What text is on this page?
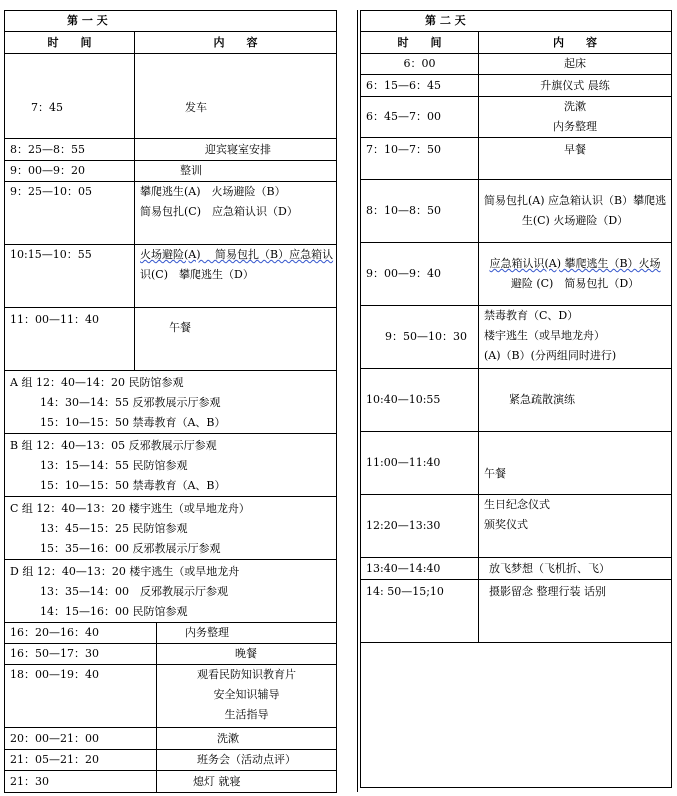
第 一 天		
时　　间	内　　容	
7：45	发车	
8：25—8：55	迎宾寝室安排	
9：00—9：20	整训	
9：25—10：05	攀爬逃生(A)　火场避险（B）
简易包扎(C)　应急箱认识（D）	

10:15—10：55	火场避险(A)　 简易包扎（B）应急箱认
识(C)　攀爬逃生（D）	

11：00—11：40	午餐	

A 组 12：40—14：20 民防馆参观
14：30—14：55 反邪教展示厅参观
15：10—15：50 禁毒教育（A、B）		

B 组 12：40—13：05 反邪教展示厅参观
13：15—14：55 民防馆参观
15：10—15：50 禁毒教育（A、B）		

C 组 12：40—13：20 楼宇逃生（或旱地龙舟）
13：45—15：25 民防馆参观
15：35—16：00 反邪教展示厅参观		

D 组 12：40—13：20 楼宇逃生（或旱地龙舟
13：35—14：00　反邪教展示厅参观
14：15—16：00 民防馆参观		

16：20—16：40		内务整理
16：50—17：30		晚餐
18：00—19：40		观看民防知识教育片
安全知识辅导
生活指导

20：00—21：00		洗漱
21：05—21：20		班务会（活动点评）
21：30		熄灯 就寝
第 二 天	
时　　间	内　　容
6：00	起床
6：15—6：45	升旗仪式 晨练
6：45—7：00	洗漱
内务整理

7：10—7：50	早餐
8：10—8：50	简易包扎(A) 应急箱认识（B）攀爬逃
生(C) 火场避险（D）

9：00—9：40	应急箱认识(A) 攀爬逃生（B）火场
避险 (C)　简易包扎（D）

9：50—10：30	禁毒教育（C、D）
楼宇逃生（或旱地龙舟）
(A)（B）(分两组同时进行)

10:40—10:55	紧急疏散演练
11:00—11:40	午餐
12:20—13:30	生日纪念仪式
颁奖仪式

13:40—14:40	放飞梦想（飞机折、飞）
14: 50—15;10	摄影留念 整理行装 话别
